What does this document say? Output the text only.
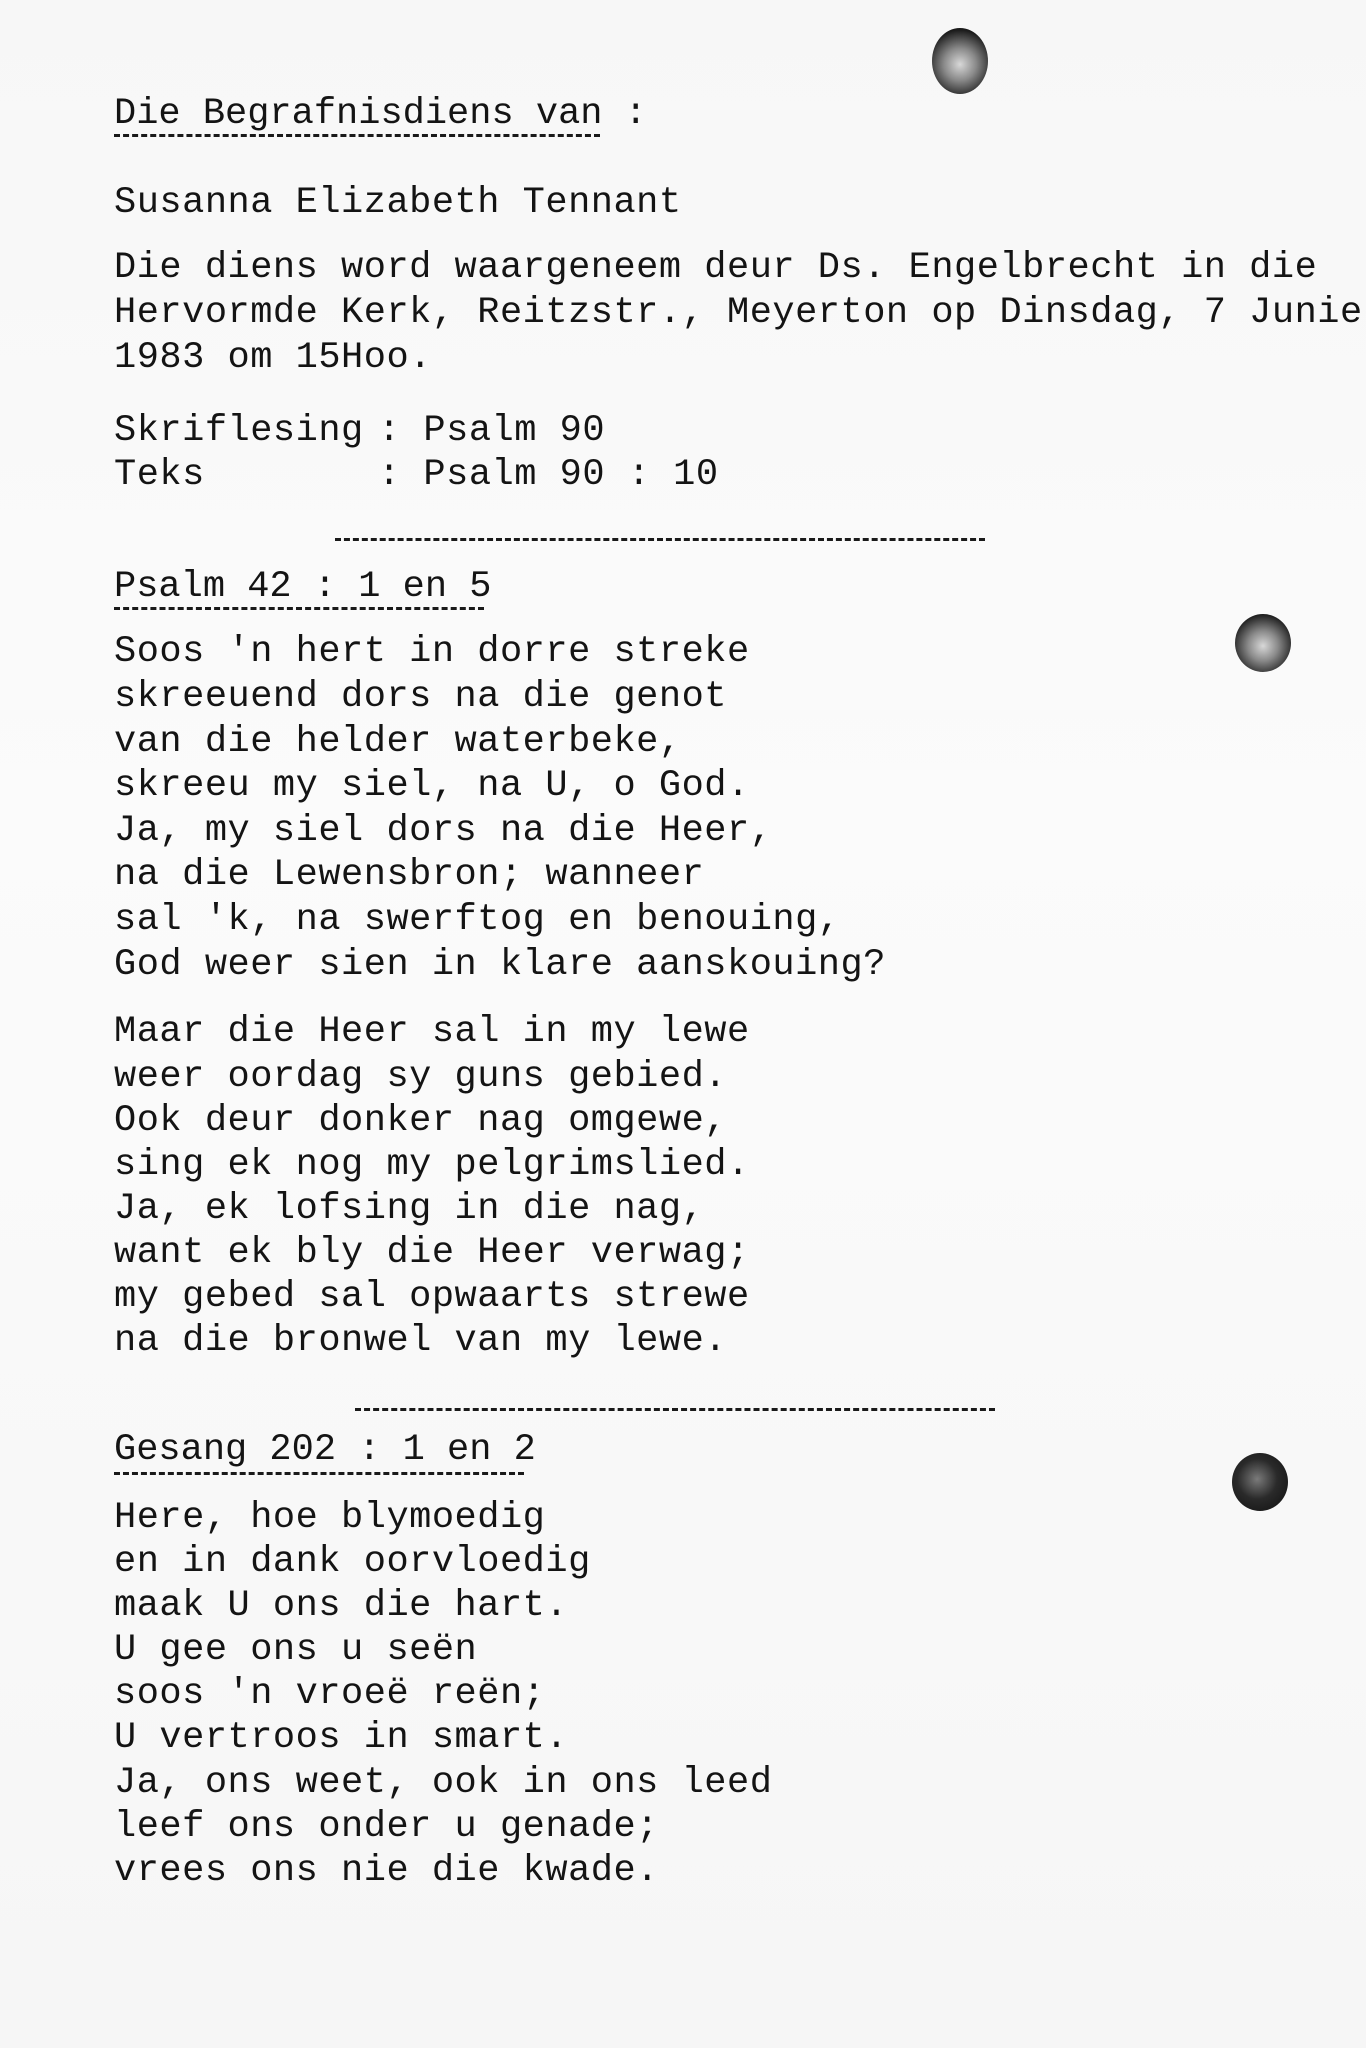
Die Begrafnisdiens van :

Susanna Elizabeth Tennant

Die diens word waargeneem deur Ds. Engelbrecht in die

Hervormde Kerk, Reitzstr., Meyerton op Dinsdag, 7 Junie

1983 om 15Hoo.

Skriflesing : Psalm 90

Teks	: Psalm 90 : 10

Psalm 42 : 1 en 5

Soos 'n hert in dorre streke

skreeuend dors na die genot

van die helder waterbeke,

skreeu my siel, na U, o God.

Ja, my siel dors na die Heer,

na die Lewensbron; wanneer

sal 'k, na swerftog en benouing,

God weer sien in klare aanskouing?

Maar die Heer sal in my lewe

weer oordag sy guns gebied.

Ook deur donker nag omgewe,

sing ek nog my pelgrimslied.

Ja, ek lofsing in die nag,

want ek bly die Heer verwag;

my gebed sal opwaarts strewe

na die bronwel van my lewe.

Gesang 202 : 1 en 2

Here, hoe blymoedig

en in dank oorvloedig

maak U ons die hart.

U gee ons u seën

soos 'n vroeë reën;

U vertroos in smart.

Ja, ons weet, ook in ons leed

leef ons onder u genade;

vrees ons nie die kwade.
